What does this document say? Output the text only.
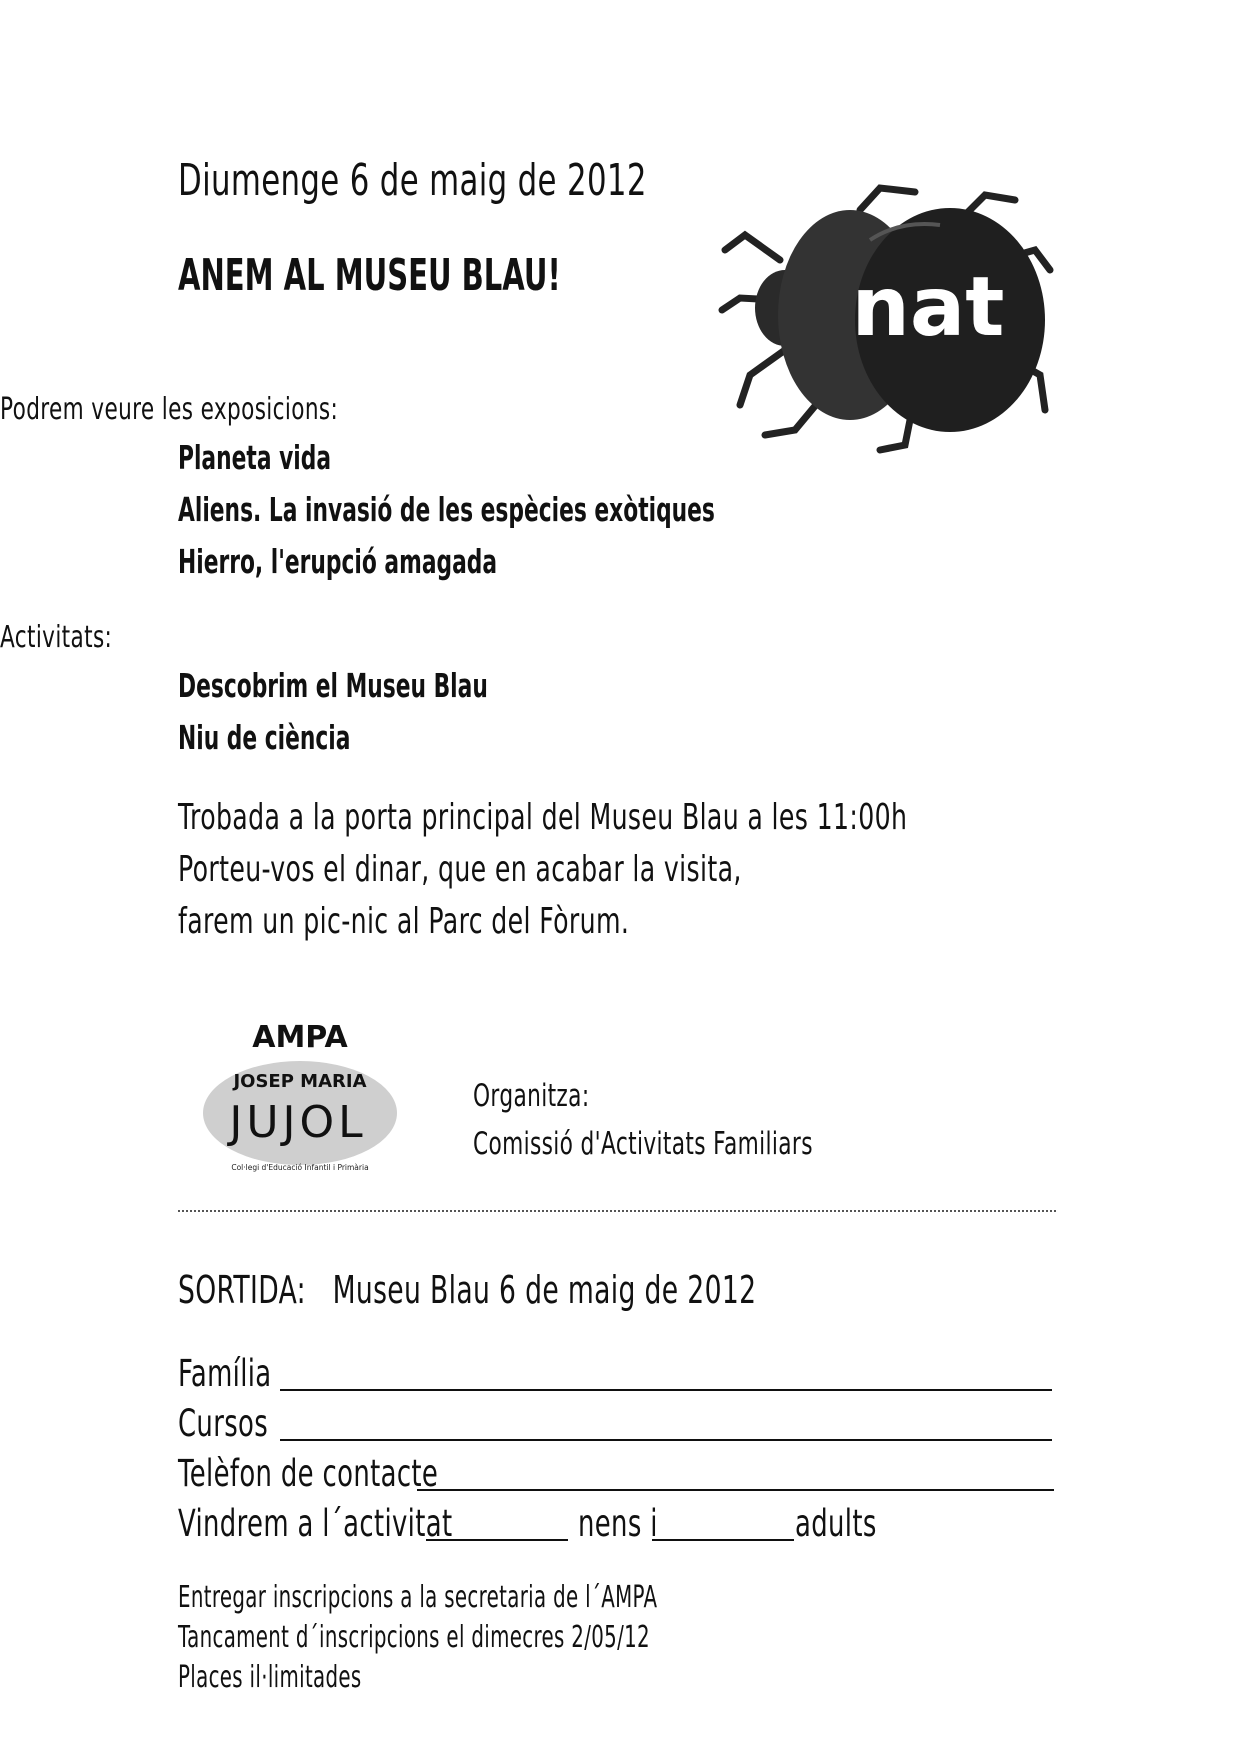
Diumenge 6 de maig de 2012

ANEM AL MUSEU BLAU!	nat

Podrem veure les exposicions:

Planeta vida
Aliens. La invasió de les espècies exòtiques
Hierro, l'erupció amagada

Activitats:

Descobrim el Museu Blau
Niu de ciència
Trobada a la porta principal del Museu Blau a les 11:00h
Porteu-vos el dinar, que en acabar la visita,
farem un pic-nic al Parc del Fòrum.
AMPA
JOSEP MARIA
JUJOL
Col·legi d'Educació Infantil i Primària
Organitza:
Comissió d'Activitats Familiars

SORTIDA: Museu Blau 6 de maig de 2012

Família
Cursos
Telèfon de contacte
Vindrem a l´activitat	nens i	adults
Entregar inscripcions a la secretaria de l´AMPA
Tancament d´inscripcions el dimecres 2/05/12
Places il·limitades
